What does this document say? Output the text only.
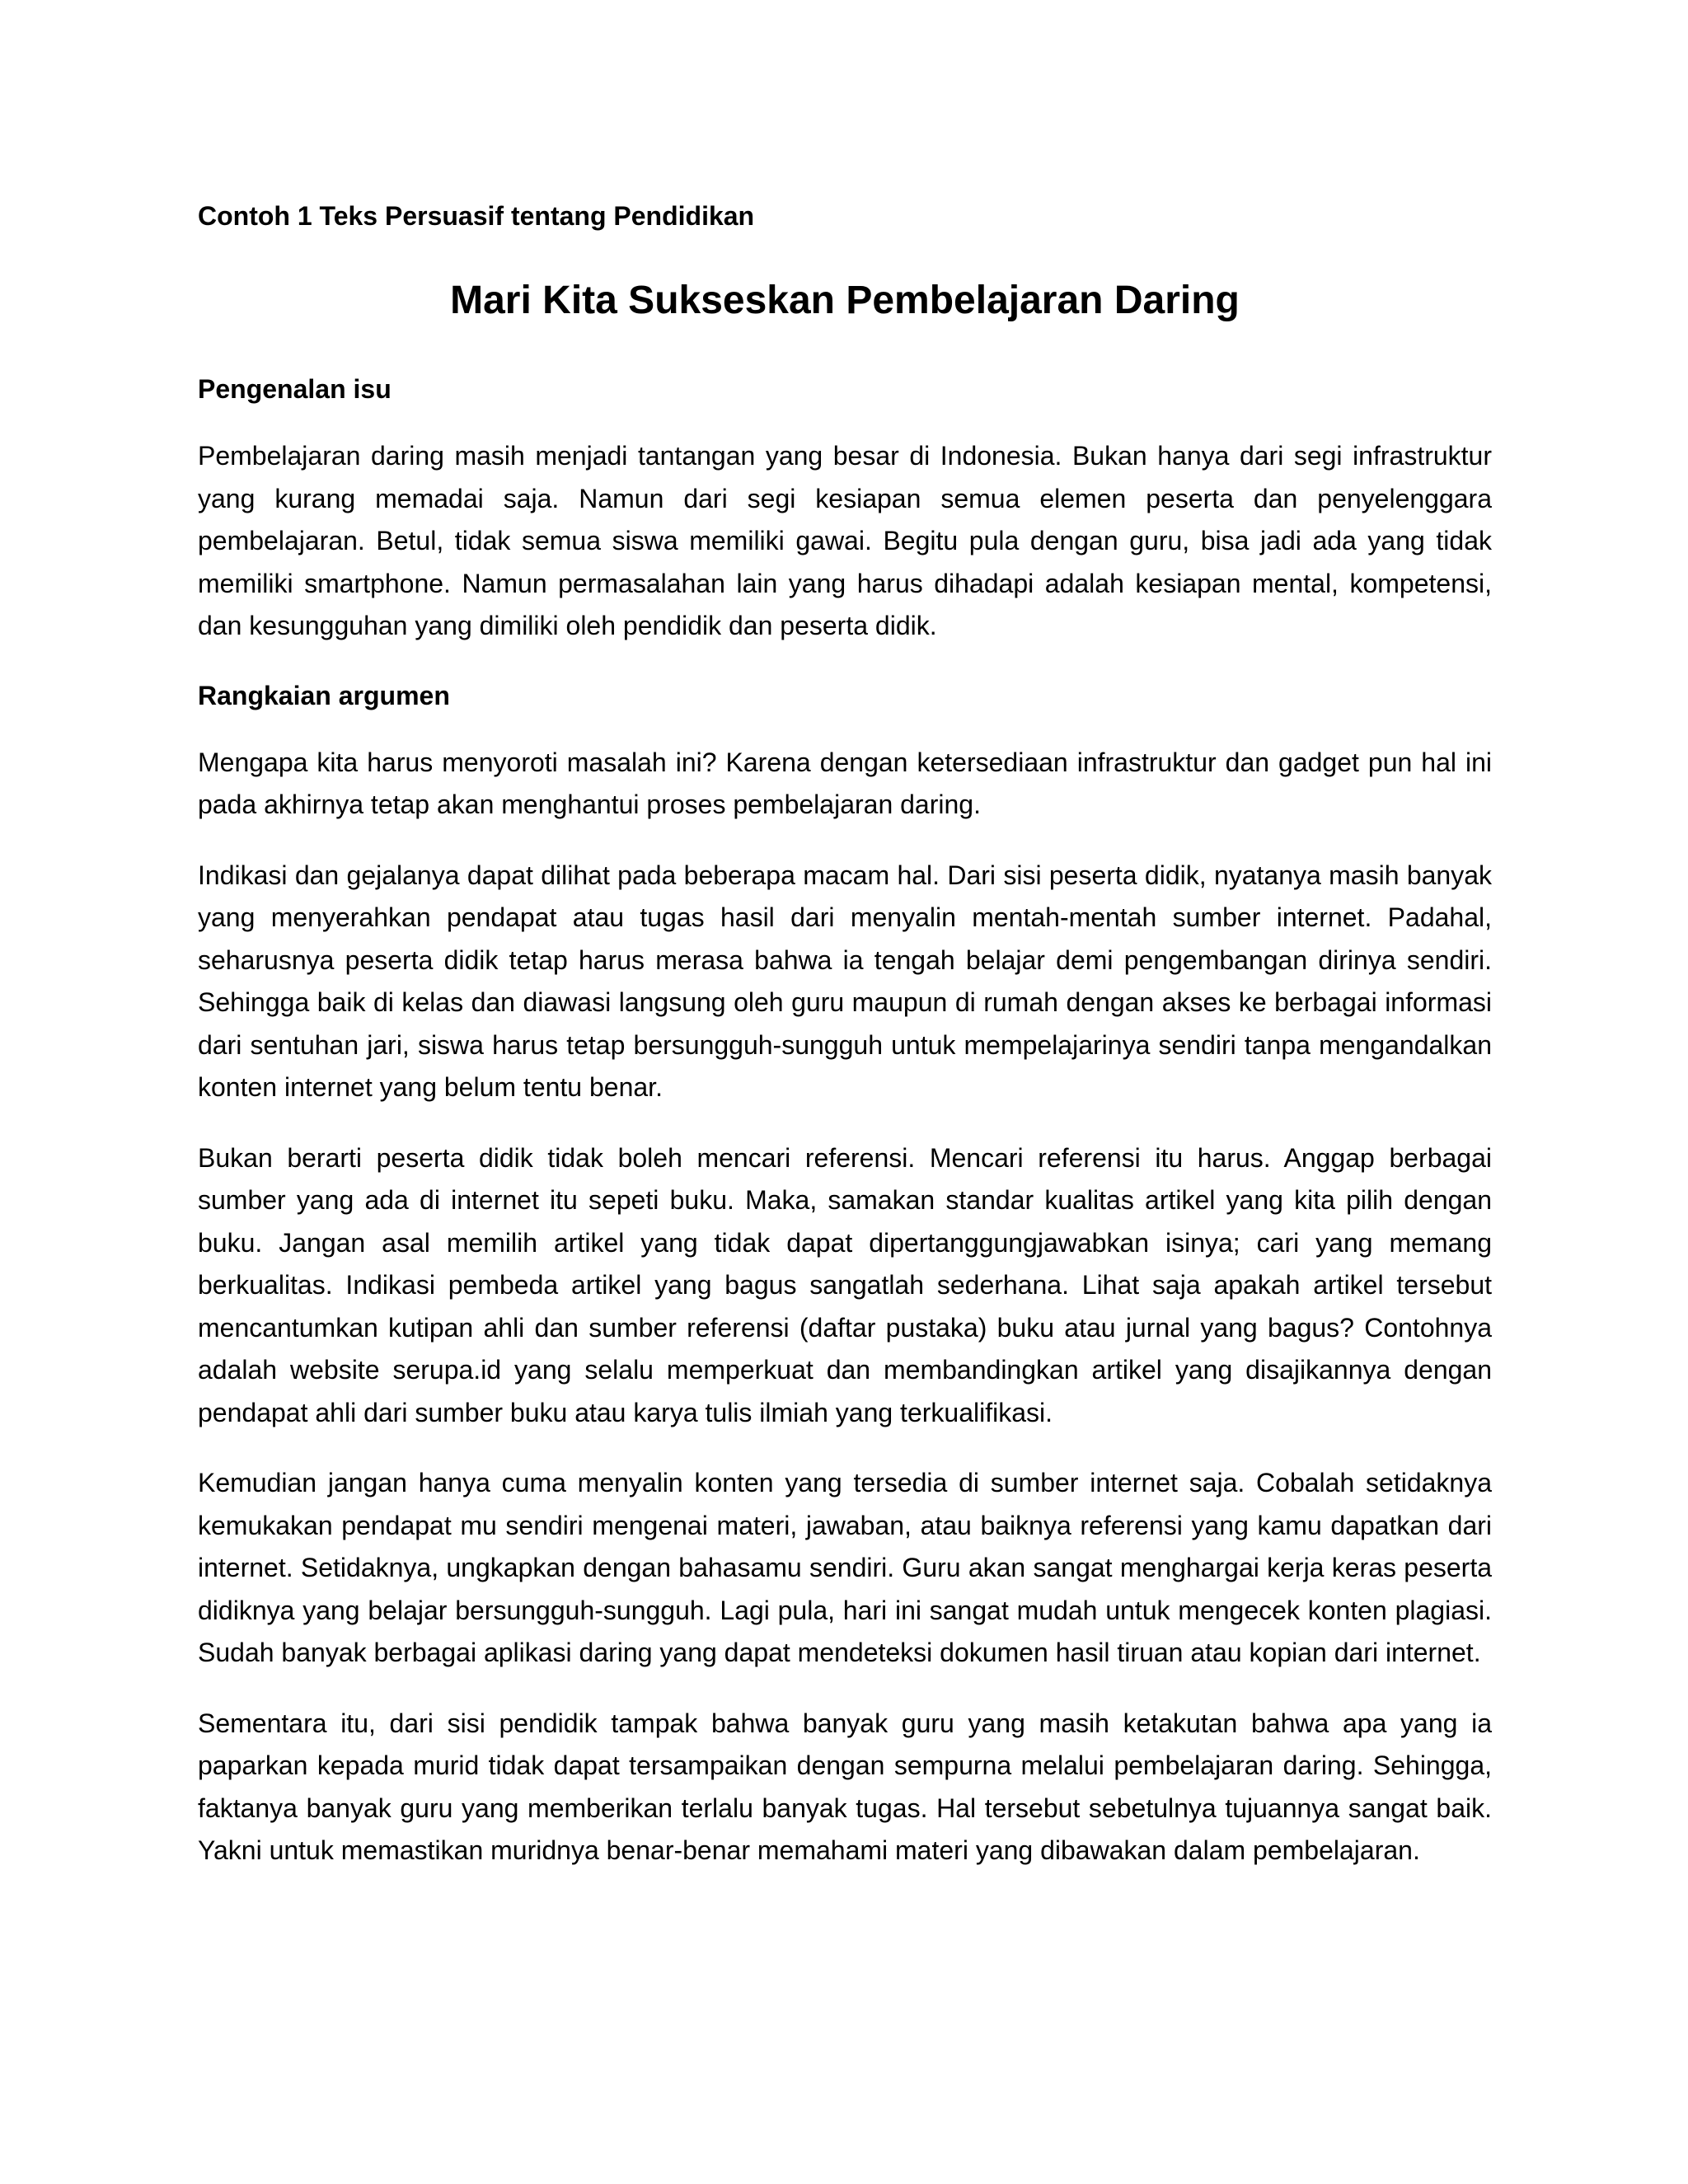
Contoh 1 Teks Persuasif tentang Pendidikan
Mari Kita Sukseskan Pembelajaran Daring
Pengenalan isu

Pembelajaran daring masih menjadi tantangan yang besar di Indonesia. Bukan hanya dari segi infrastruktur yang kurang memadai saja. Namun dari segi kesiapan semua elemen peserta dan penyelenggara pembelajaran. Betul, tidak semua siswa memiliki gawai. Begitu pula dengan guru, bisa jadi ada yang tidak memiliki smartphone. Namun permasalahan lain yang harus dihadapi adalah kesiapan mental, kompetensi, dan kesungguhan yang dimiliki oleh pendidik dan peserta didik.

Rangkaian argumen

Mengapa kita harus menyoroti masalah ini? Karena dengan ketersediaan infrastruktur dan gadget pun hal ini pada akhirnya tetap akan menghantui proses pembelajaran daring.

Indikasi dan gejalanya dapat dilihat pada beberapa macam hal. Dari sisi peserta didik, nyatanya masih banyak yang menyerahkan pendapat atau tugas hasil dari menyalin mentah-mentah sumber internet. Padahal, seharusnya peserta didik tetap harus merasa bahwa ia tengah belajar demi pengembangan dirinya sendiri. Sehingga baik di kelas dan diawasi langsung oleh guru maupun di rumah dengan akses ke berbagai informasi dari sentuhan jari, siswa harus tetap bersungguh-sungguh untuk mempelajarinya sendiri tanpa mengandalkan konten internet yang belum tentu benar.

Bukan berarti peserta didik tidak boleh mencari referensi. Mencari referensi itu harus. Anggap berbagai sumber yang ada di internet itu sepeti buku. Maka, samakan standar kualitas artikel yang kita pilih dengan buku. Jangan asal memilih artikel yang tidak dapat dipertanggungjawabkan isinya; cari yang memang berkualitas. Indikasi pembeda artikel yang bagus sangatlah sederhana. Lihat saja apakah artikel tersebut mencantumkan kutipan ahli dan sumber referensi (daftar pustaka) buku atau jurnal yang bagus? Contohnya adalah website serupa.id yang selalu memperkuat dan membandingkan artikel yang disajikannya dengan pendapat ahli dari sumber buku atau karya tulis ilmiah yang terkualifikasi.

Kemudian jangan hanya cuma menyalin konten yang tersedia di sumber internet saja. Cobalah setidaknya kemukakan pendapat mu sendiri mengenai materi, jawaban, atau baiknya referensi yang kamu dapatkan dari internet. Setidaknya, ungkapkan dengan bahasamu sendiri. Guru akan sangat menghargai kerja keras peserta didiknya yang belajar bersungguh-sungguh. Lagi pula, hari ini sangat mudah untuk mengecek konten plagiasi. Sudah banyak berbagai aplikasi daring yang dapat mendeteksi dokumen hasil tiruan atau kopian dari internet.

Sementara itu, dari sisi pendidik tampak bahwa banyak guru yang masih ketakutan bahwa apa yang ia paparkan kepada murid tidak dapat tersampaikan dengan sempurna melalui pembelajaran daring. Sehingga, faktanya banyak guru yang memberikan terlalu banyak tugas. Hal tersebut sebetulnya tujuannya sangat baik. Yakni untuk memastikan muridnya benar-benar memahami materi yang dibawakan dalam pembelajaran.
